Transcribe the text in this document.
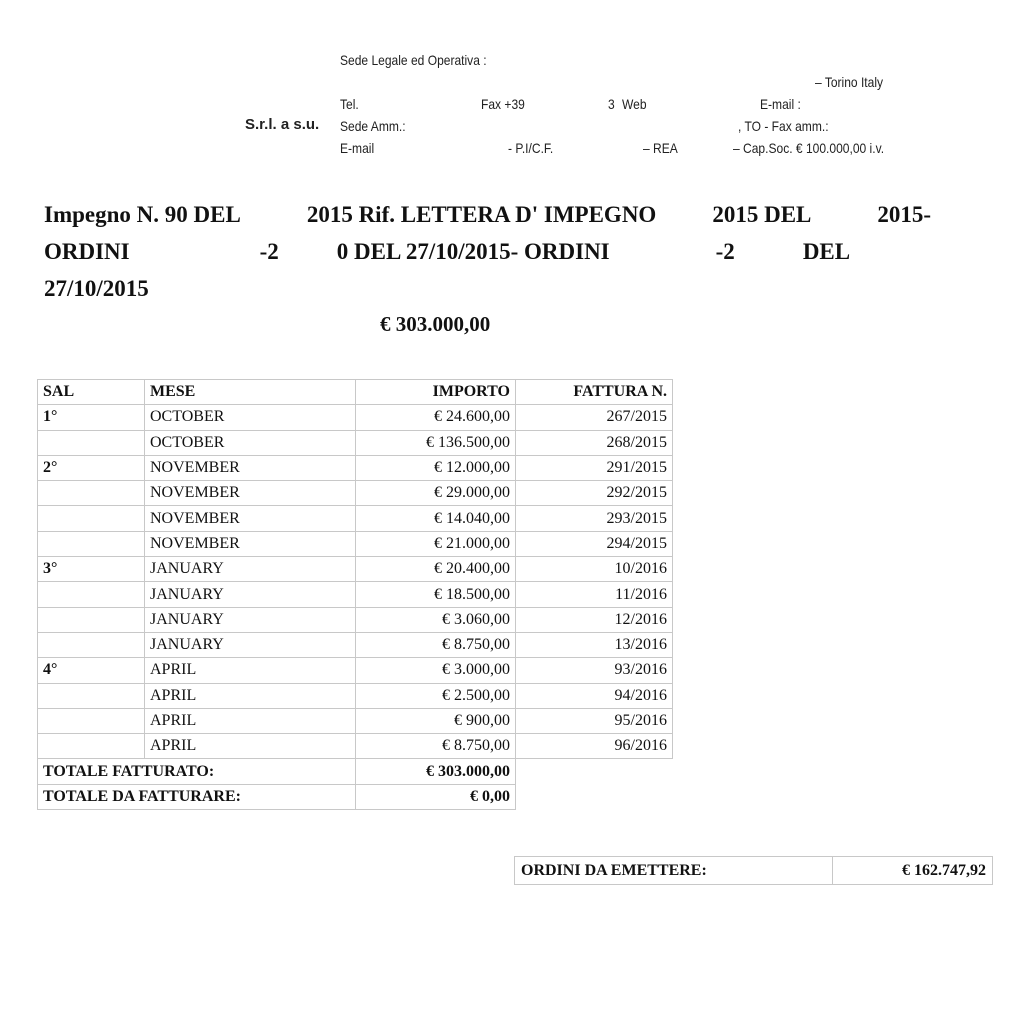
S.r.l. a s.u.
Sede Legale ed Operativa :
– Torino Italy
Tel.	Fax +39	3 Web	E-mail :
Sede Amm.:	, TO - Fax amm.:
E-mail	- P.I/C.F.	– REA	– Cap.Soc. € 100.000,00 i.v.
Impegno N. 90 DEL	2015 Rif. LETTERA D' IMPEGNO 2015 DEL	2015-
ORDINI	-2	0 DEL 27/10/2015- ORDINI	-2	DEL
27/10/2015
€ 303.000,00
SAL	MESE	IMPORTO	FATTURA N.
1°	OCTOBER	€ 24.600,00	267/2015
	OCTOBER	€ 136.500,00	268/2015
2°	NOVEMBER	€ 12.000,00	291/2015
	NOVEMBER	€ 29.000,00	292/2015
	NOVEMBER	€ 14.040,00	293/2015
	NOVEMBER	€ 21.000,00	294/2015
3°	JANUARY	€ 20.400,00	10/2016
	JANUARY	€ 18.500,00	11/2016
	JANUARY	€ 3.060,00	12/2016
	JANUARY	€ 8.750,00	13/2016
4°	APRIL	€ 3.000,00	93/2016
	APRIL	€ 2.500,00	94/2016
	APRIL	€ 900,00	95/2016
	APRIL	€ 8.750,00	96/2016
TOTALE FATTURATO:		€ 303.000,00	
TOTALE DA FATTURARE:		€ 0,00	
ORDINI DA EMETTERE:	€ 162.747,92
